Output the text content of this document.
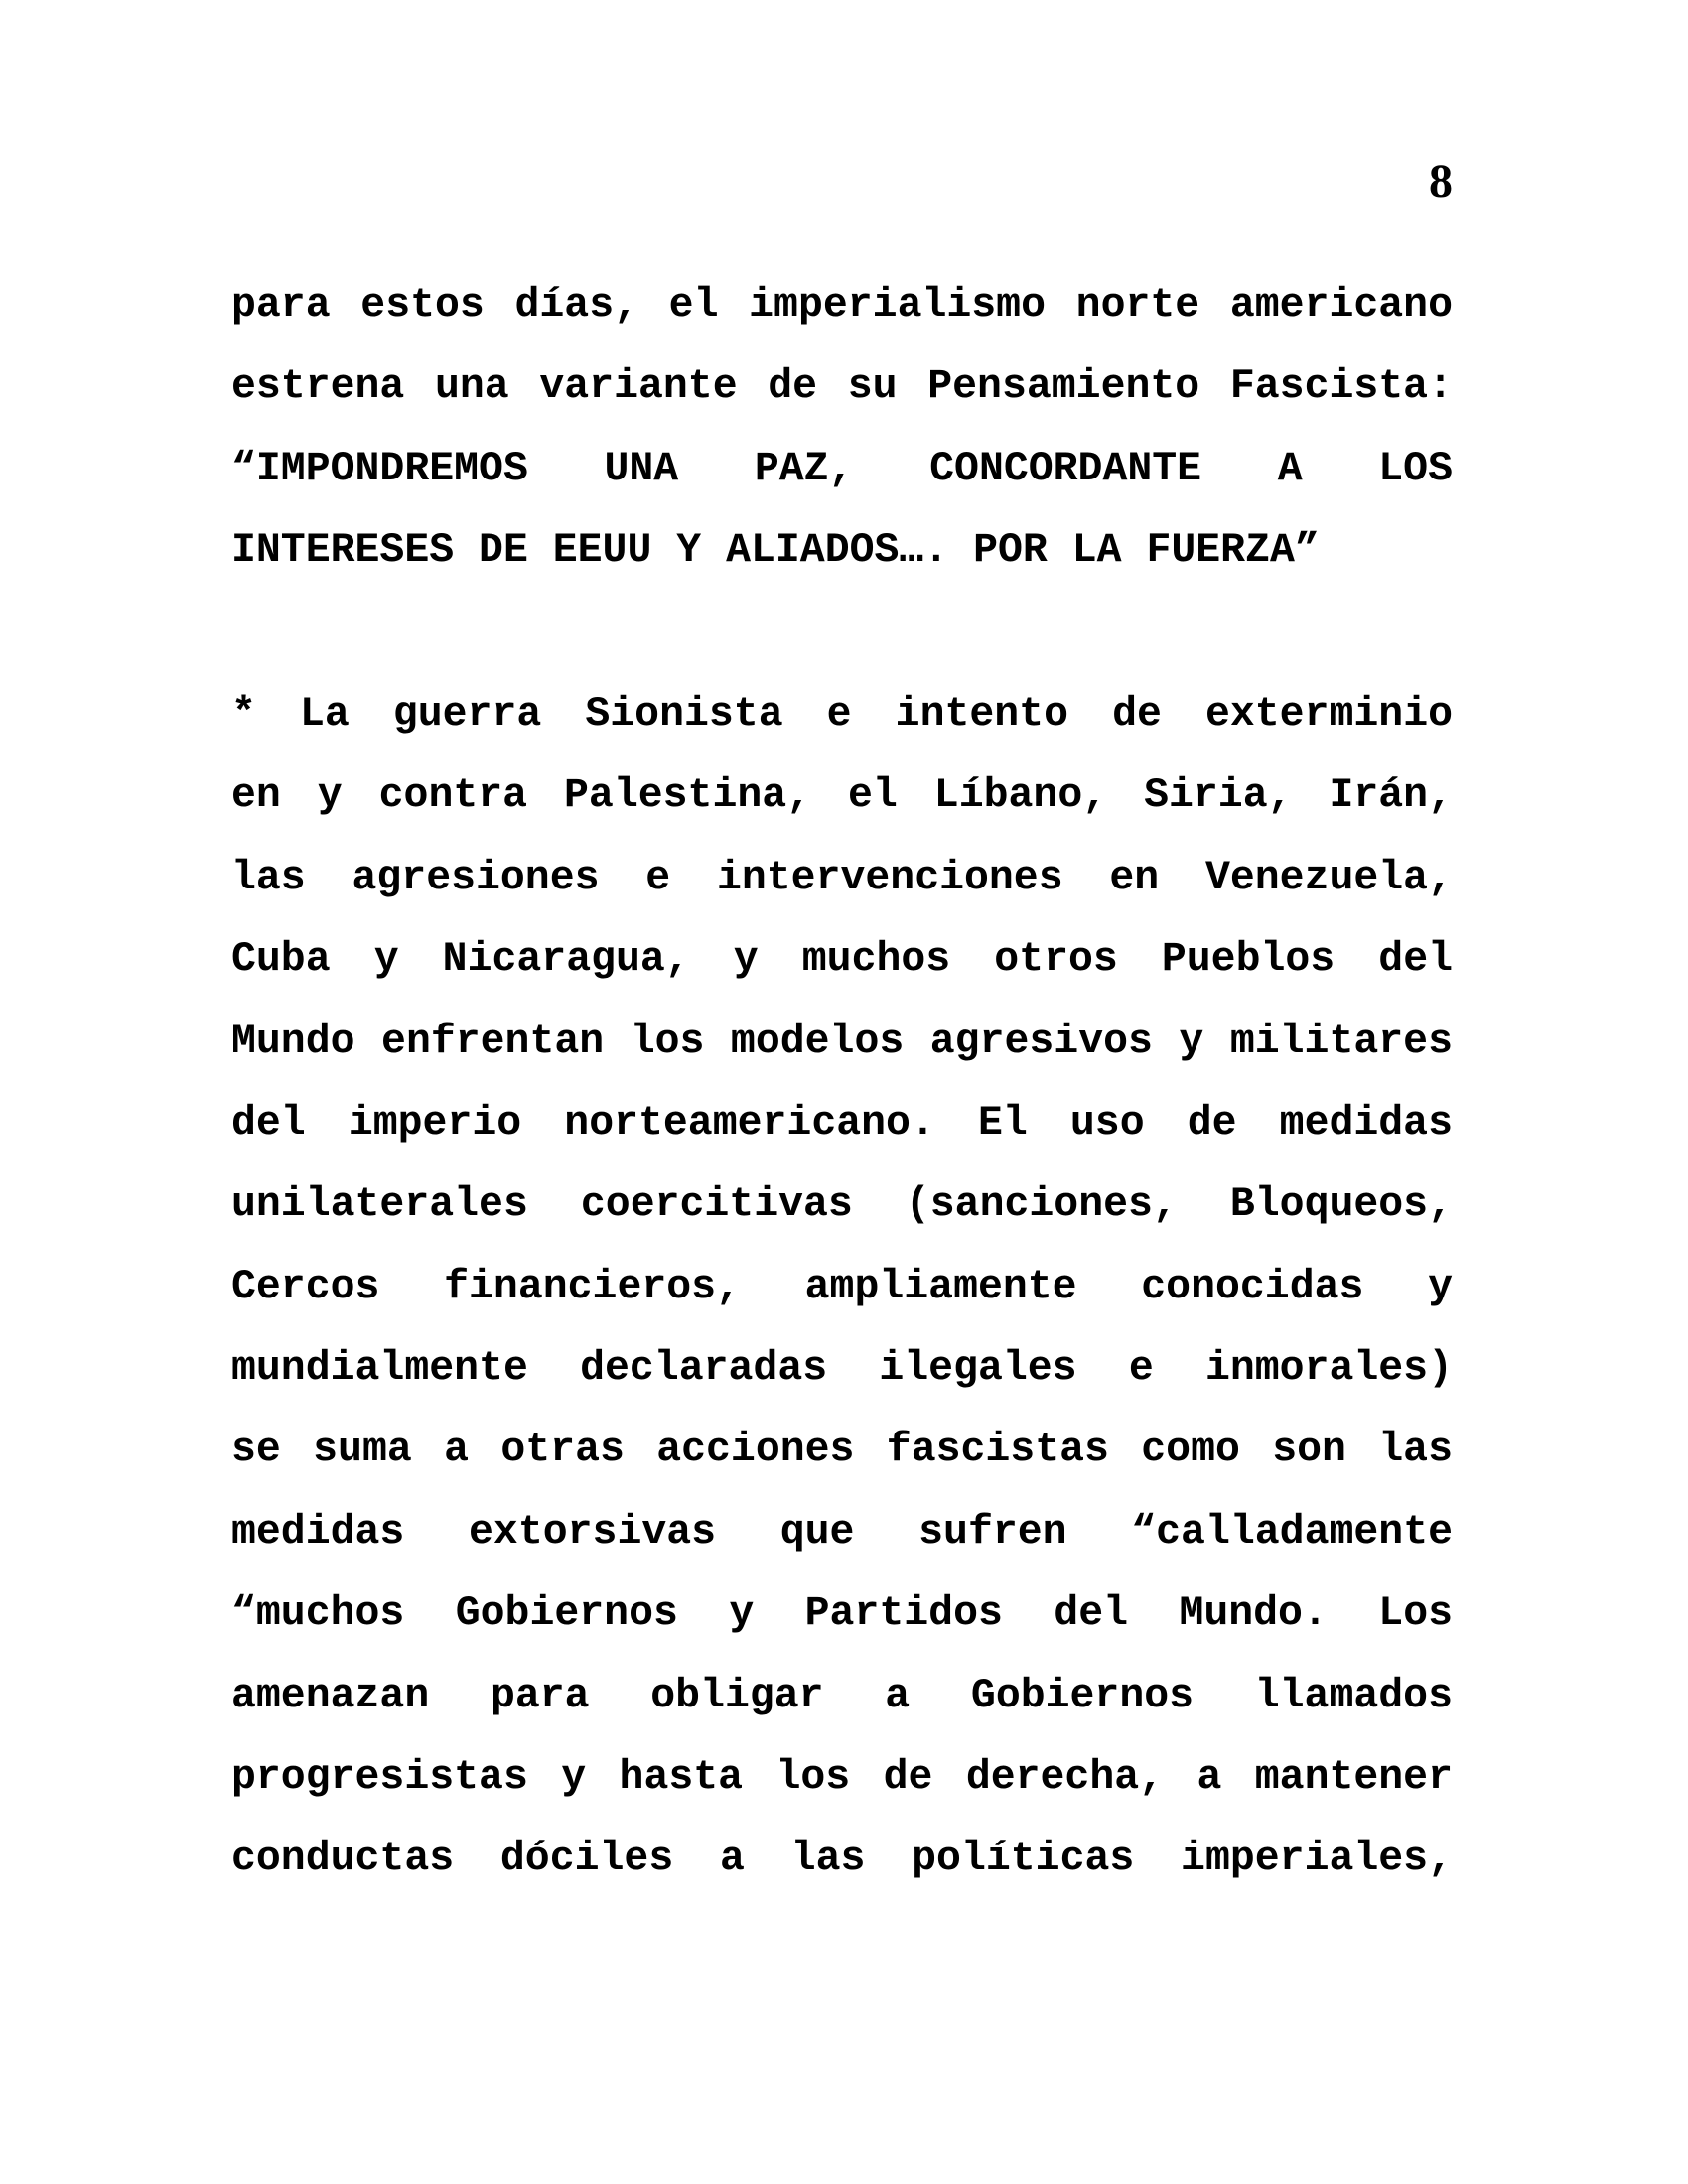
8
para estos días, el imperialismo norte americano
estrena una variante de su Pensamiento Fascista:
“IMPONDREMOS UNA PAZ, CONCORDANTE A LOS
INTERESES DE EEUU Y ALIADOS…. POR LA FUERZA”
* La guerra Sionista e intento de exterminio
en y contra Palestina, el Líbano, Siria, Irán,
las agresiones e intervenciones en Venezuela,
Cuba y Nicaragua, y muchos otros Pueblos del
Mundo enfrentan los modelos agresivos y militares
del imperio norteamericano. El uso de medidas
unilaterales coercitivas (sanciones, Bloqueos,
Cercos financieros, ampliamente conocidas y
mundialmente declaradas ilegales e inmorales)
se suma a otras acciones fascistas como son las
medidas extorsivas que sufren “calladamente
“muchos Gobiernos y Partidos del Mundo. Los
amenazan para obligar a Gobiernos llamados
progresistas y hasta los de derecha, a mantener
conductas dóciles a las políticas imperiales,
